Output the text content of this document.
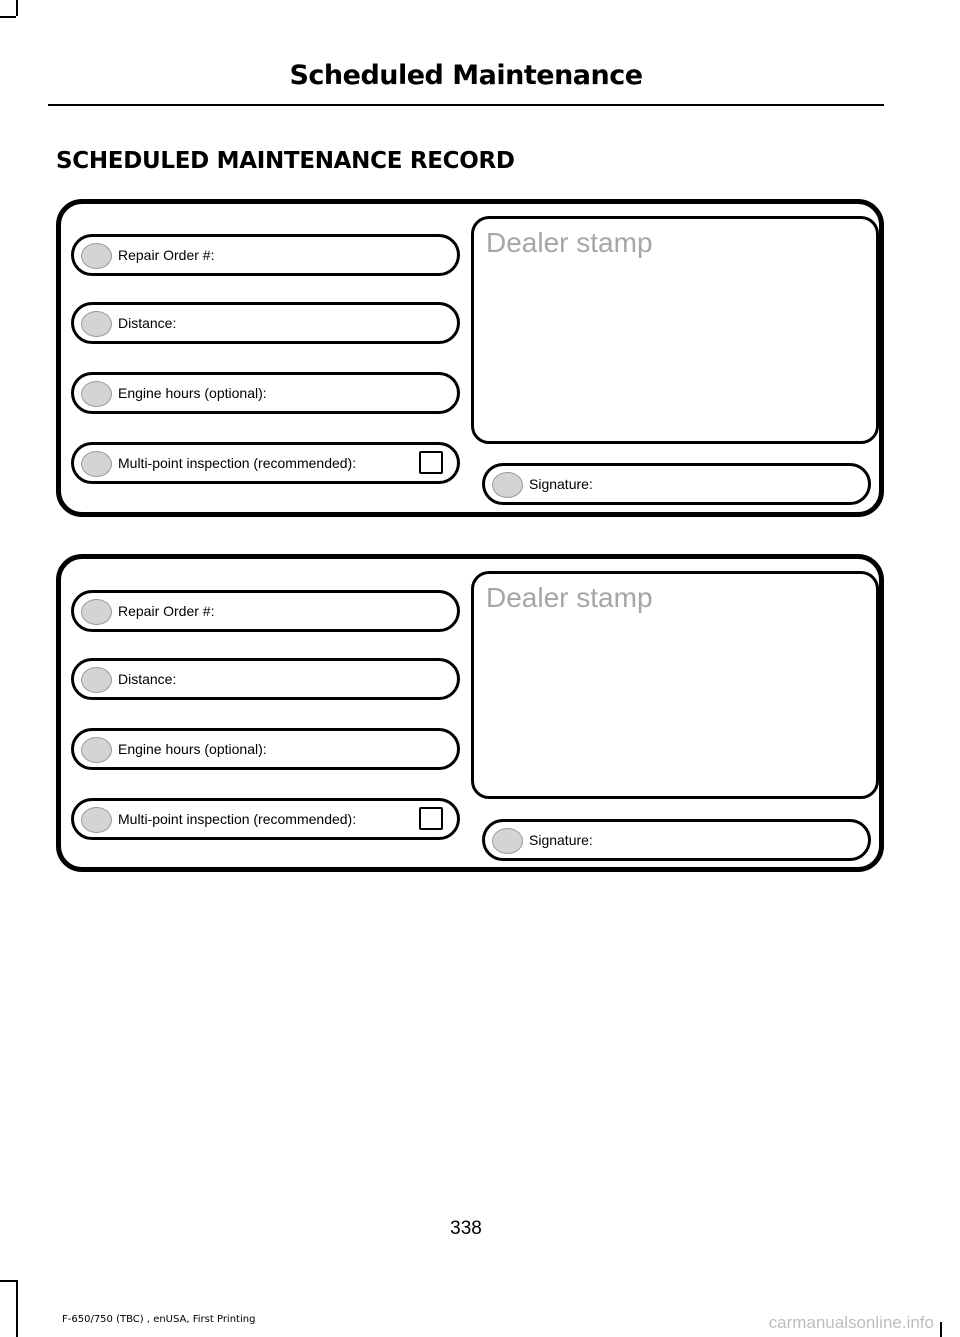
Scheduled Maintenance
SCHEDULED MAINTENANCE RECORD
Repair Order #:
Distance:
Engine hours (optional):
Multi-point inspection (recommended):
Dealer stamp
Signature:
Repair Order #:
Distance:
Engine hours (optional):
Multi-point inspection (recommended):
Dealer stamp
Signature:
338
F-650/750 (TBC) , enUSA, First Printing	carmanualsonline.info
